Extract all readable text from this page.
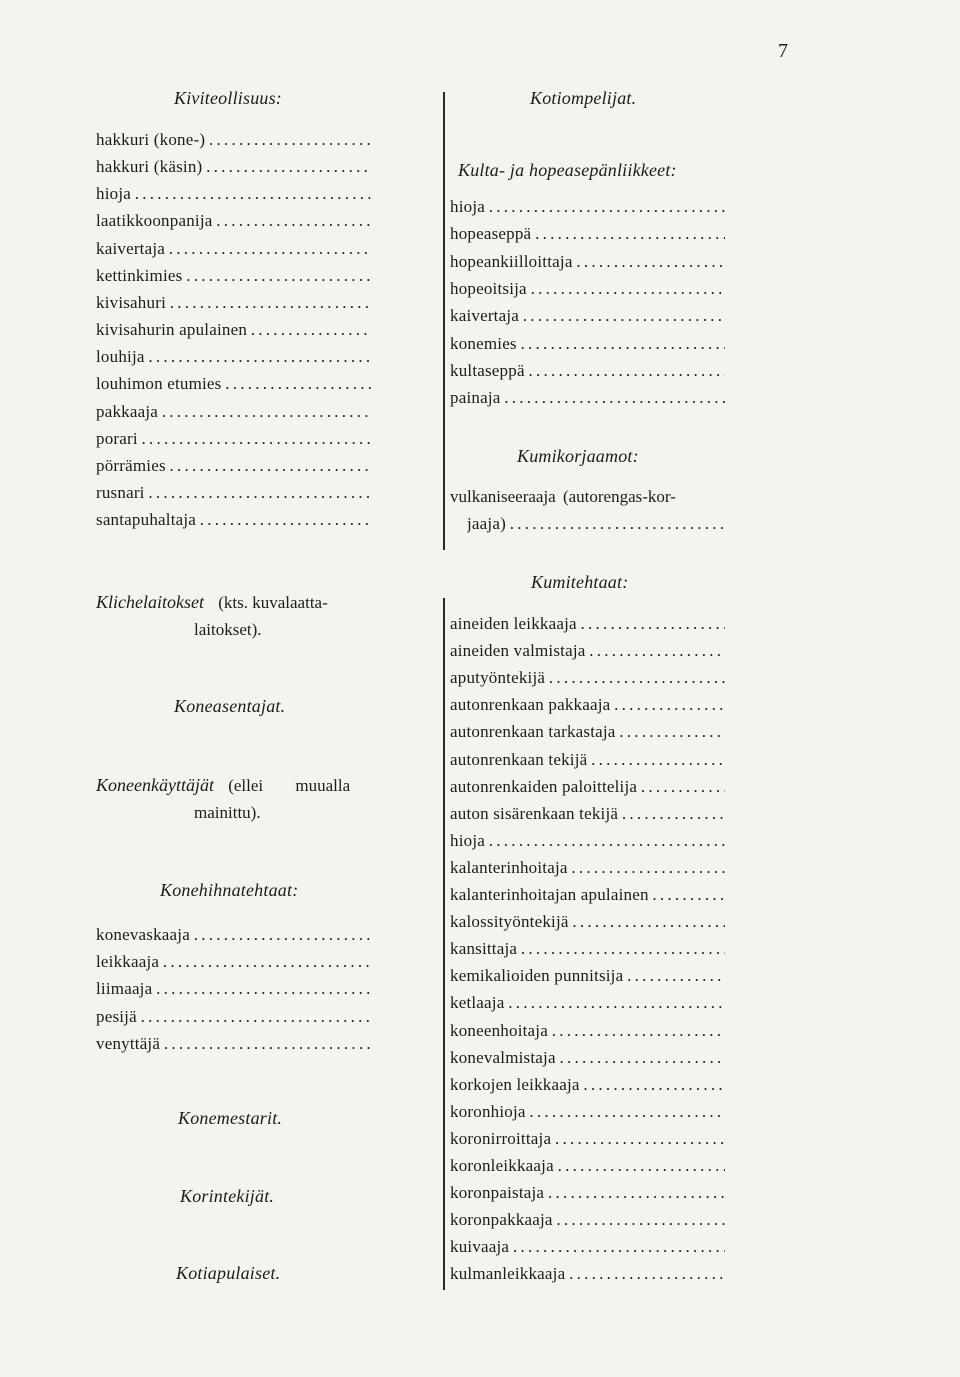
7
Kiviteollisuus:
hakkuri (kone-) . . .
hakkuri (käsin) . . .
hioja . . .
laatikkoonpanija . . .
kaivertaja . . .
kettinkimies . . .
kivisahuri . . .
kivisahurin apulainen . . .
louhija . . .
louhimon etumies . . .
pakkaaja . . .
porari . . .
pörrämies . . .
rusnari . . .
santapuhaltaja . . .
Klichelaitokset (kts. kuvalaatta-
laitokset).
Koneasentajat.
Koneenkäyttäjät (ellei muualla
mainittu).
Konehihnatehtaat:
konevaskaaja . . .
leikkaaja . . .
liimaaja . . .
pesijä . . .
venyttäjä . . .
Konemestarit.
Korintekijät.
Kotiapulaiset.
Kotiompelijat.
Kulta- ja hopeasepänliikkeet:
hioja . . .
hopeaseppä . . .
hopeankiilloittaja . . .
hopeoitsija . . .
kaivertaja . . .
konemies . . .
kultaseppä . . .
painaja . . .
Kumikorjaamot:
vulkaniseeraaja (autorengas-kor-
jaaja) . . .
Kumitehtaat:
aineiden leikkaaja . . .
aineiden valmistaja . . .
aputyöntekijä . . .
autonrenkaan pakkaaja . . .
autonrenkaan tarkastaja . . .
autonrenkaan tekijä . . .
autonrenkaiden paloittelija . . .
auton sisärenkaan tekijä . . .
hioja . . .
kalanterinhoitaja . . .
kalanterinhoitajan apulainen . . .
kalossityöntekijä . . .
kansittaja . . .
kemikalioiden punnitsija . . .
ketlaaja . . .
koneenhoitaja . . .
konevalmistaja . . .
korkojen leikkaaja . . .
koronhioja . . .
koronirroittaja . . .
koronleikkaaja . . .
koronpaistaja . . .
koronpakkaaja . . .
kuivaaja . . .
kulmanleikkaaja . . .
